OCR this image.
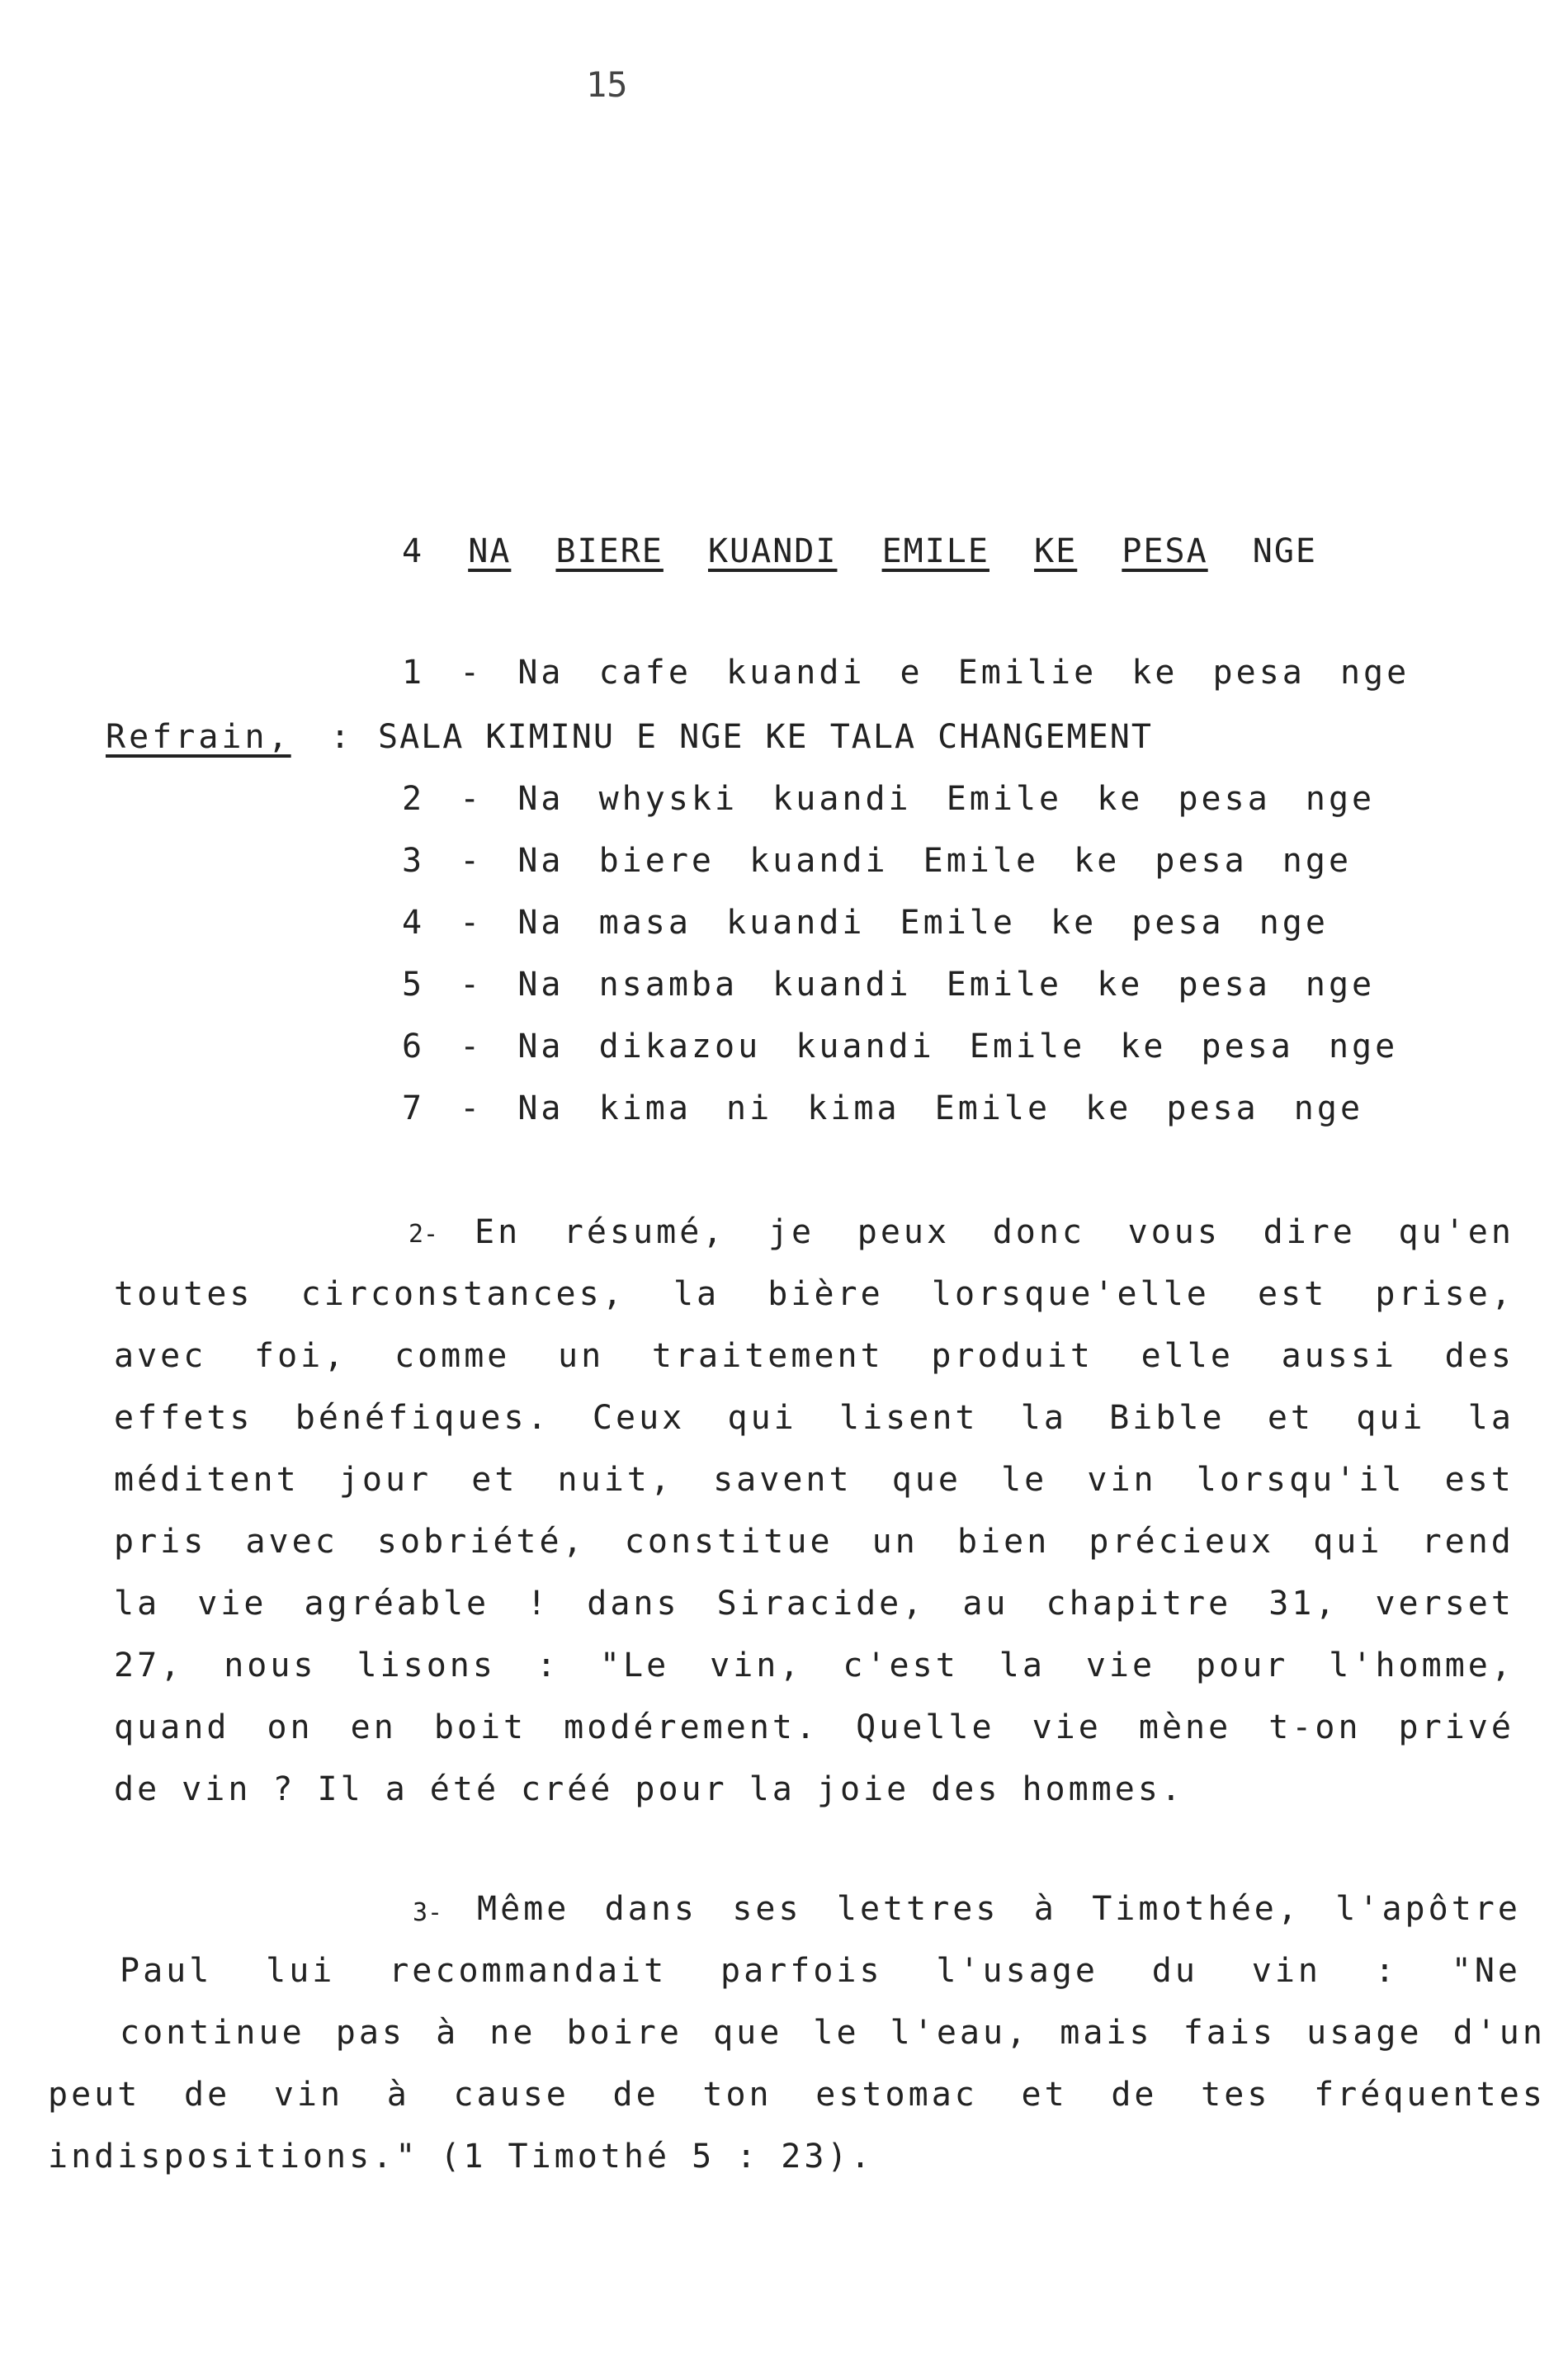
15
4 NA BIERE KUANDI EMILE KE PESA NGE
1 - Na cafe kuandi e Emilie ke pesa nge
Refrain, : SALA KIMINU E NGE KE TALA CHANGEMENT
2 - Na whyski kuandi Emile ke pesa nge
3 - Na biere kuandi Emile ke pesa nge
4 - Na masa kuandi Emile ke pesa nge
5 - Na nsamba kuandi Emile ke pesa nge
6 - Na dikazou kuandi Emile ke pesa nge
7 - Na kima ni kima Emile ke pesa nge
2- En résumé, je peux donc vous dire qu'en
toutes circonstances, la bière lorsque'elle est prise,
avec foi, comme un traitement produit elle aussi des
effets bénéfiques. Ceux qui lisent la Bible et qui la
méditent jour et nuit, savent que le vin lorsqu'il est
pris avec sobriété, constitue un bien précieux qui rend
la vie agréable ! dans Siracide, au chapitre 31, verset
27, nous lisons : "Le vin, c'est la vie pour l'homme,
quand on en boit modérement. Quelle vie mène t-on privé
de vin ? Il a été créé pour la joie des hommes.
3- Même dans ses lettres à Timothée, l'apôtre
Paul lui recommandait parfois l'usage du vin : "Ne
continue pas à ne boire que le l'eau, mais fais usage d'un
peut de vin à cause de ton estomac et de tes fréquentes
indispositions." (1 Timothé 5 : 23).
